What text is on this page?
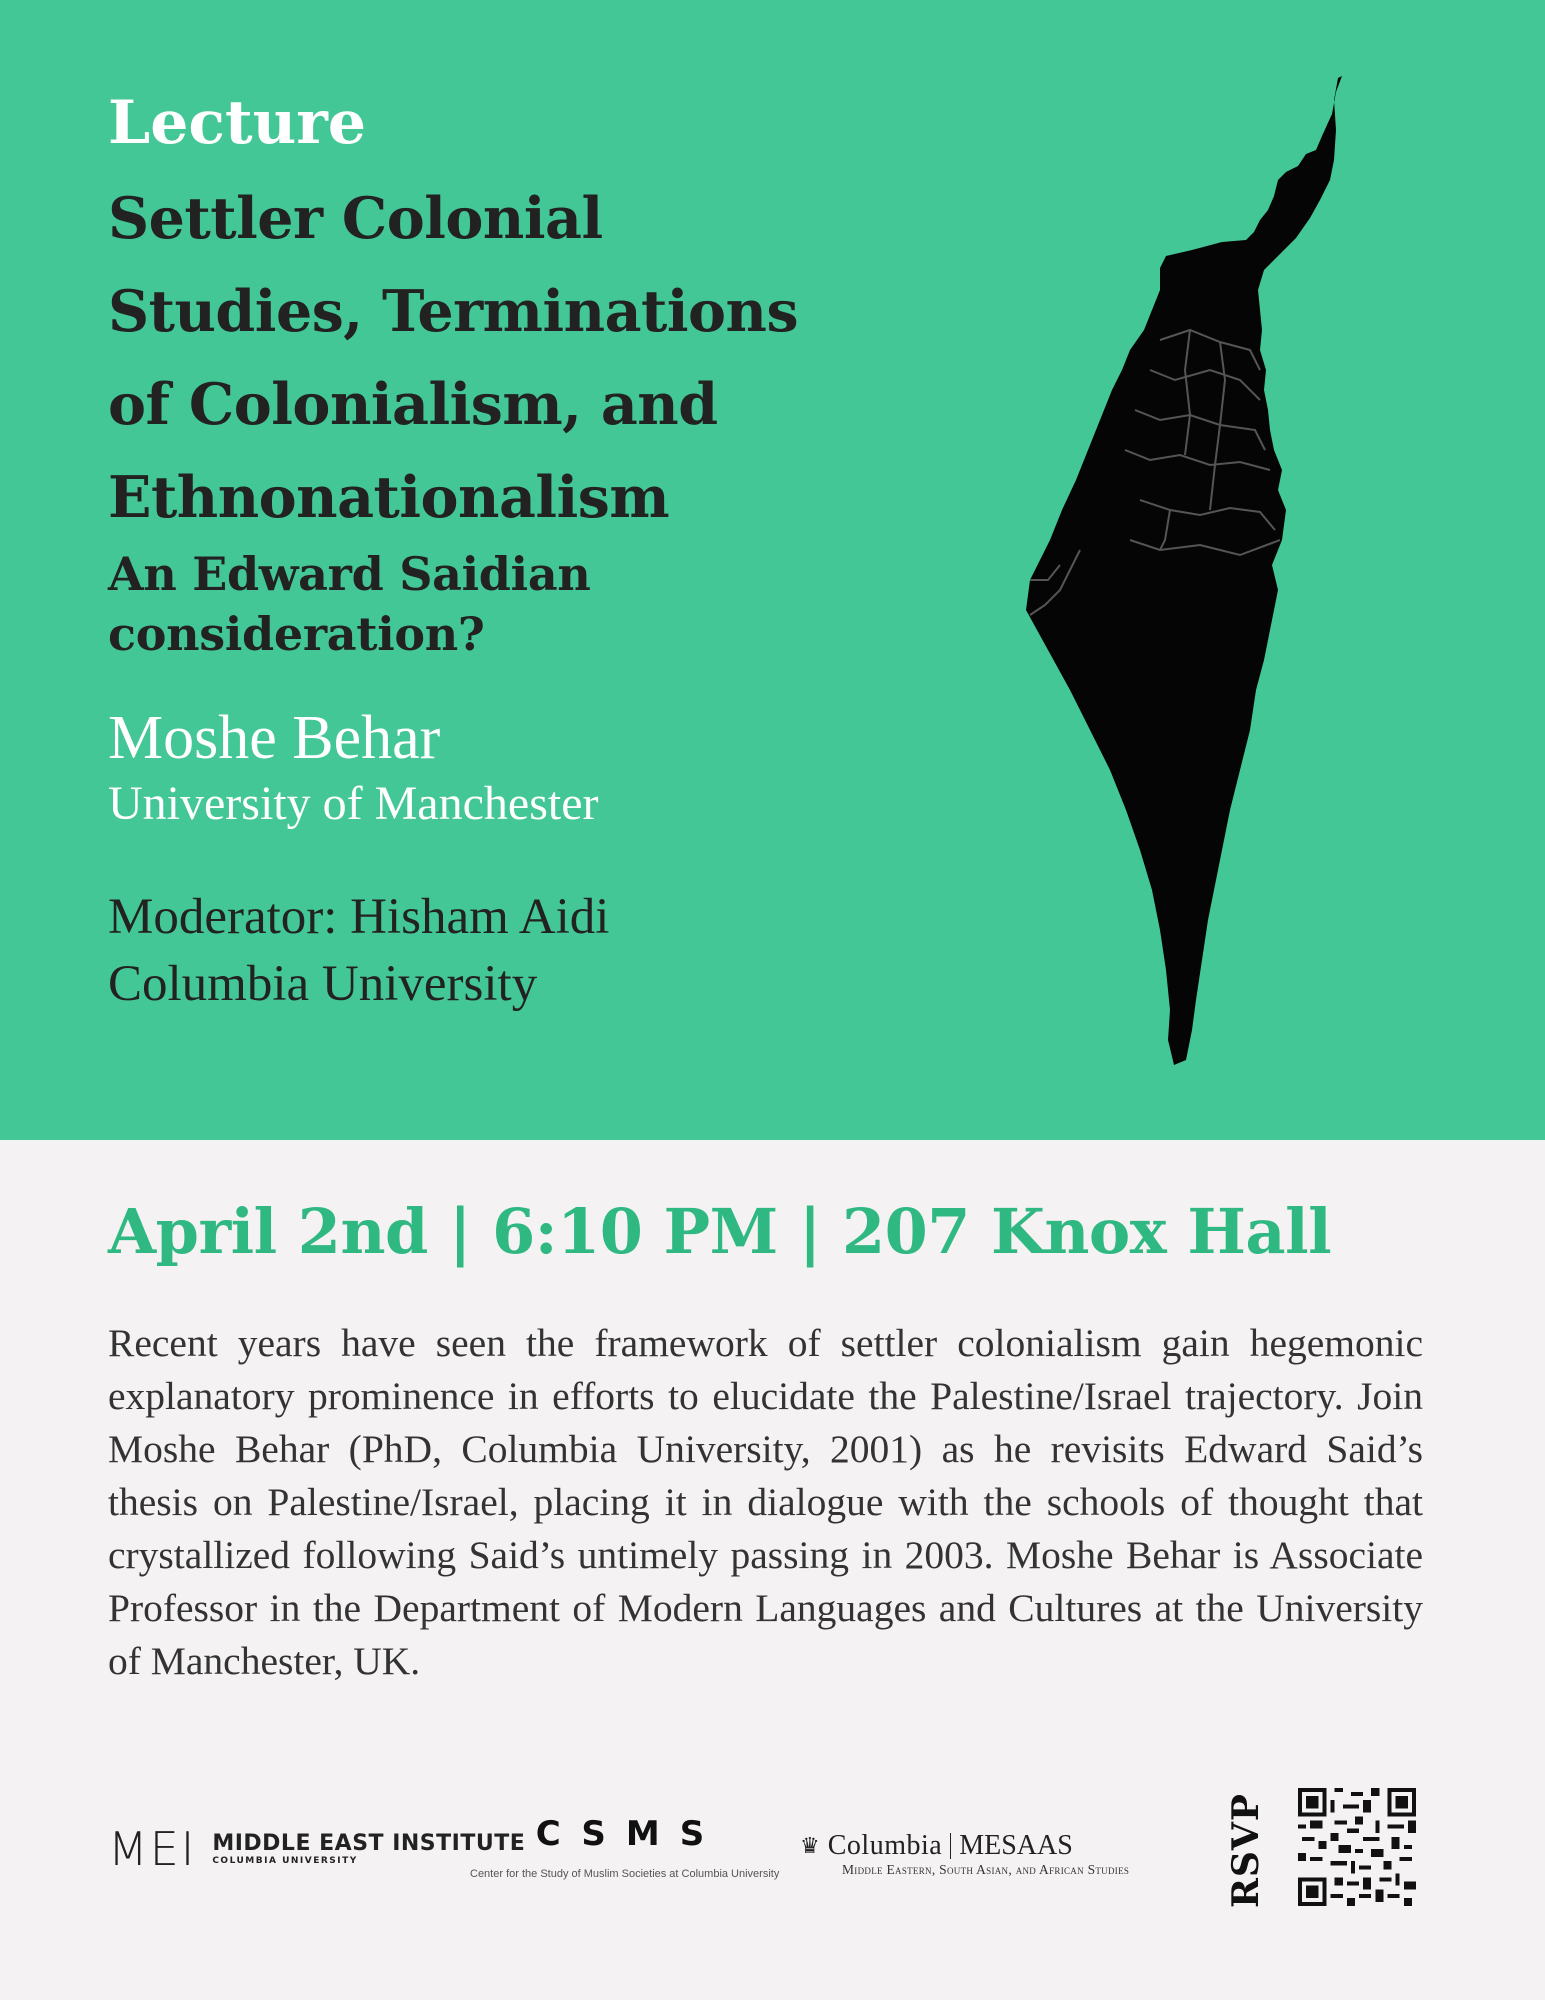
Lecture
Settler Colonial
Studies, Terminations
of Colonialism, and
Ethnonationalism
An Edward Saidian
consideration?
Moshe Behar
University of Manchester
Moderator: Hisham Aidi
Columbia University
April 2nd | 6:10 PM | 207 Knox Hall

Recent years have seen the framework of settler colonialism gain hegemonic explanatory prominence in efforts to elucidate the Palestine/Israel trajectory. Join Moshe Behar (PhD, Columbia University, 2001) as he revisits Edward Said’s thesis on Palestine/Israel, placing it in dialogue with the schools of thought that crystallized following Said’s untimely passing in 2003. Moshe Behar is Associate Professor in the Department of Modern Languages and Cultures at the University of Manchester, UK.

MEI MIDDLE EAST INSTITUTE
COLUMBIA UNIVERSITY
CSMS
Center for the Study of Muslim Societies at Columbia University
♛ Columbia MESAAS
Middle Eastern, South Asian, and African Studies	RSVP
